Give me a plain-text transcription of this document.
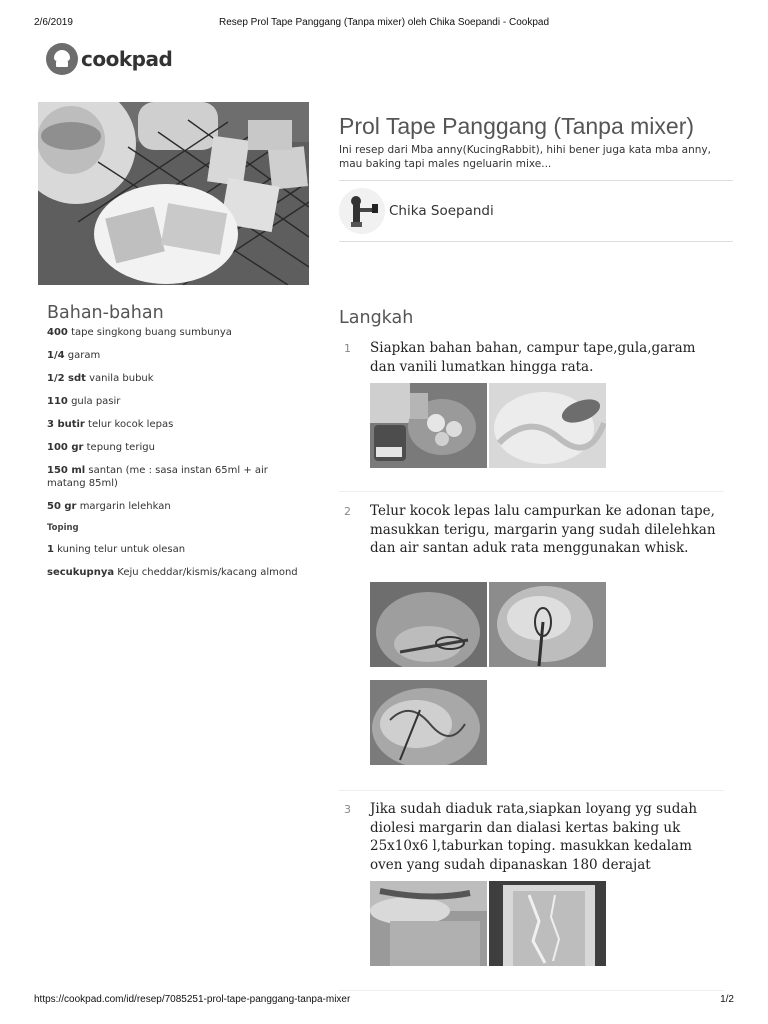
2/6/2019	Resep Prol Tape Panggang (Tanpa mixer) oleh Chika Soepandi - Cookpad
cookpad
Prol Tape Panggang (Tanpa mixer)

Ini resep dari Mba anny(KucingRabbit), hihi bener juga kata mba anny, mau baking tapi males ngeluarin mixe...

Chika Soepandi
Bahan-bahan
400 tape singkong buang sumbunya
1/4 garam
1/2 sdt vanila bubuk
110 gula pasir
3 butir telur kocok lepas
100 gr tepung terigu
150 ml santan (me : sasa instan 65ml + air matang 85ml)
50 gr margarin lelehkan
Toping
1 kuning telur untuk olesan
secukupnya Keju cheddar/kismis/kacang almond
Langkah
1 Siapkan bahan bahan, campur tape,gula,garam dan vanili lumatkan hingga rata.

2 Telur kocok lepas lalu campurkan ke adonan tape, masukkan terigu, margarin yang sudah dilelehkan dan air santan aduk rata menggunakan whisk.

3 Jika sudah diaduk rata,siapkan loyang yg sudah diolesi margarin dan dialasi kertas baking uk 25x10x6 l,taburkan toping. masukkan kedalam oven yang sudah dipanaskan 180 derajat

https://cookpad.com/id/resep/7085251-prol-tape-panggang-tanpa-mixer	1/2
